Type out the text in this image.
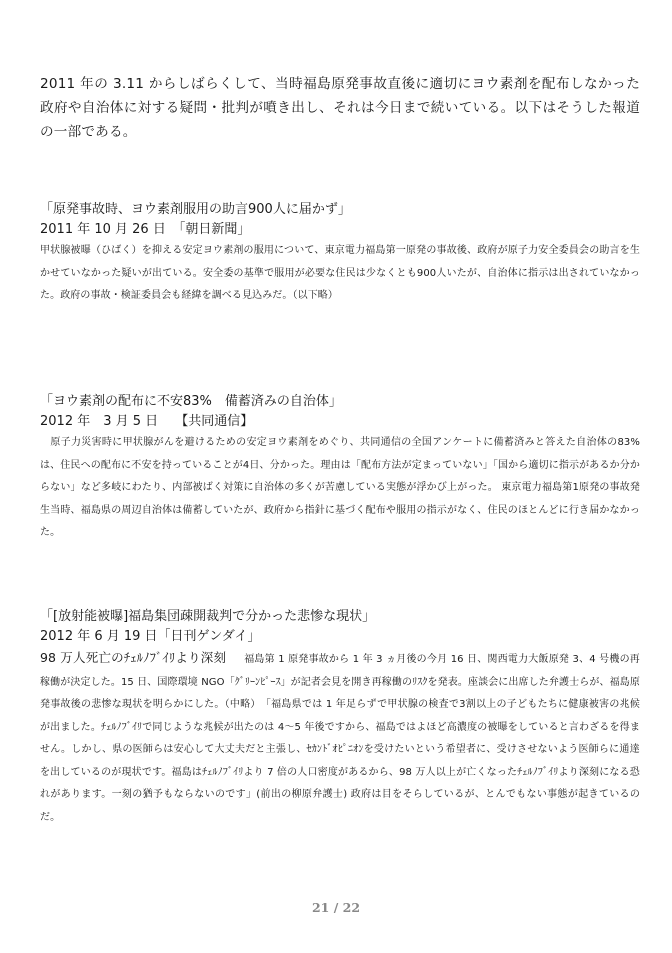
2011 年の 3.11 からしばらくして、当時福島原発事故直後に適切にヨウ素剤を配布しなかった政府や自治体に対する疑問・批判が噴き出し、それは今日まで続いている。以下はそうした報道の一部である。
「原発事故時、ヨウ素剤服用の助言900人に届かず」
2011 年 10 月 26 日　「朝日新聞」
甲状腺被曝（ひばく）を抑える安定ヨウ素剤の服用について、東京電力福島第一原発の事故後、政府が原子力安全委員会の助言を生かせていなかった疑いが出ている。安全委の基準で服用が必要な住民は少なくとも900人いたが、自治体に指示は出されていなかった。政府の事故・検証委員会も経緯を調べる見込みだ。（以下略）
「ヨウ素剤の配布に不安83%　備蓄済みの自治体」
2012 年　3 月 5 日　 【共同通信】
　原子力災害時に甲状腺がんを避けるための安定ヨウ素剤をめぐり、共同通信の全国アンケートに備蓄済みと答えた自治体の83%は、住民への配布に不安を持っていることが4日、分かった。理由は「配布方法が定まっていない」「国から適切に指示があるか分からない」など多岐にわたり、内部被ばく対策に自治体の多くが苦慮している実態が浮かび上がった。 東京電力福島第1原発の事故発生当時、福島県の周辺自治体は備蓄していたが、政府から指針に基づく配布や服用の指示がなく、住民のほとんどに行き届かなかった。
「[放射能被曝]福島集団疎開裁判で分かった悲惨な現状」
2012 年 6 月 19 日「日刊ゲンダイ」
98 万人死亡のﾁｪﾙﾉﾌﾞｲﾘより深刻 福島第 1 原発事故から 1 年 3 ヵ月後の今月 16 日、関西電力大飯原発 3、4 号機の再稼働が決定した。15 日、国際環境 NGO「ｸﾞﾘｰﾝﾋﾟｰｽ」が記者会見を開き再稼働のﾘｽｸを発表。座談会に出席した弁護士らが、福島原発事故後の悲惨な現状を明らかにした。（中略）　「福島県では 1 年足らずで甲状腺の検査で3割以上の子どもたちに健康被害の兆候が出ました。ﾁｪﾙﾉﾌﾞｲﾘで同じような兆候が出たのは 4～5 年後ですから、福島ではよほど高濃度の被曝をしていると言わざるを得ません。しかし、県の医師らは安心して大丈夫だと主張し、ｾｶﾝﾄﾞｵﾋﾟﾆｵﾝを受けたいという希望者に、受けさせないよう医師らに通達を出しているのが現状です。福島はﾁｪﾙﾉﾌﾞｲﾘより 7 倍の人口密度があるから、98 万人以上が亡くなったﾁｪﾙﾉﾌﾞｲﾘより深刻になる恐れがあります。一刻の猶予もならないのです」(前出の柳原弁護士) 政府は目をそらしているが、とんでもない事態が起きているのだ。
21 / 22
